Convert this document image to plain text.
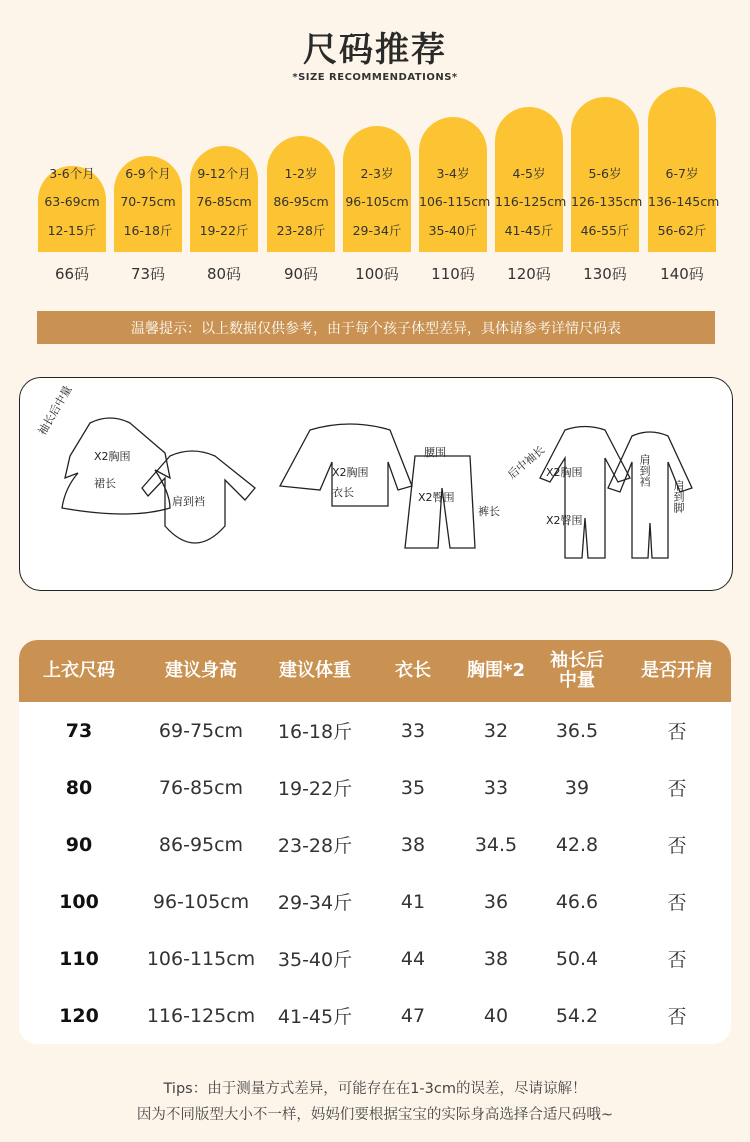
尺码推荐
*SIZE RECOMMENDATIONS*
3-6个月
63-69cm
12-15斤
66码
6-9个月
70-75cm
16-18斤
73码
9-12个月
76-85cm
19-22斤
80码
1-2岁
86-95cm
23-28斤
90码
2-3岁
96-105cm
29-34斤
100码
3-4岁
106-115cm
35-40斤
110码
4-5岁
116-125cm
41-45斤
120码
5-6岁
126-135cm
46-55斤
130码
6-7岁
136-145cm
56-62斤
140码
温馨提示：以上数据仅供参考，由于每个孩子体型差异，具体请参考详情尺码表
袖长后中量
X2胸围
裙长
肩到裆
腰围
X2胸围
衣长	X2臀围
裤长
后中袖长
X2胸围
X2臀围
肩到裆
肩到脚
上衣尺码	建议身高	建议体重	衣长	胸围*2	袖长后中量	是否开肩
73	69-75cm	16-18斤	33	32	36.5	否
80	76-85cm	19-22斤	35	33	39	否
90	86-95cm	23-28斤	38	34.5	42.8	否
100	96-105cm	29-34斤	41	36	46.6	否
110	106-115cm	35-40斤	44	38	50.4	否
120	116-125cm	41-45斤	47	40	54.2	否
Tips：由于测量方式差异，可能存在在1-3cm的误差，尽请谅解！
因为不同版型大小不一样，妈妈们要根据宝宝的实际身高选择合适尺码哦~
